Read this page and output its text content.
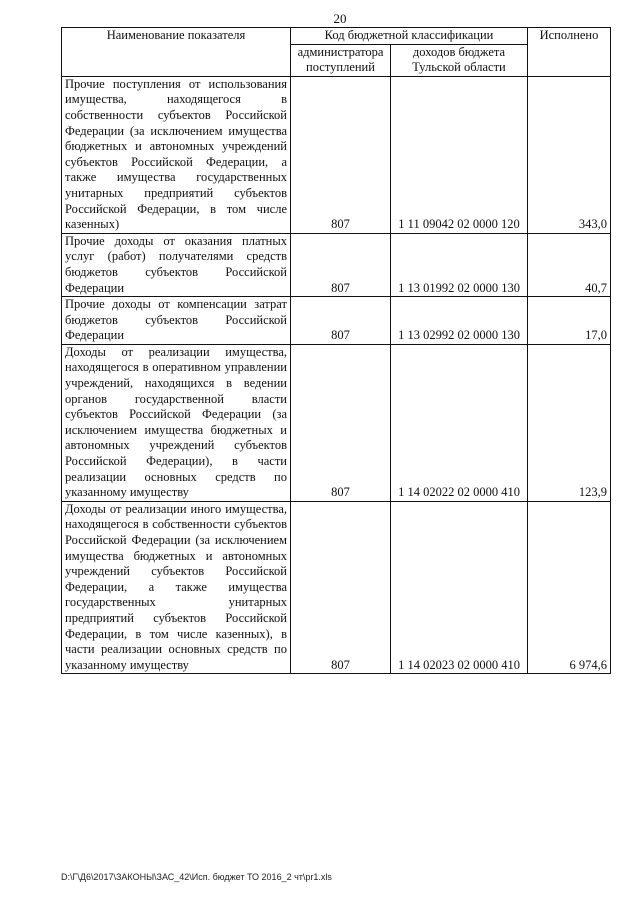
20
Наименование показателя	Код бюджетной классификации		Исполнено
	администратора поступлений	доходов бюджета Тульской области	
Прочие поступления от использования имущества, находящегося в собственности субъектов Российской Федерации (за исключением имущества бюджетных и автономных учреждений субъектов Российской Федерации, а также имущества государственных унитарных предприятий субъектов Российской Федерации, в том числе казенных)	807	1 11 09042 02 0000 120	343,0
Прочие доходы от оказания платных услуг (работ) получателями средств бюджетов субъектов Российской Федерации	807	1 13 01992 02 0000 130	40,7
Прочие доходы от компенсации затрат бюджетов субъектов Российской Федерации	807	1 13 02992 02 0000 130	17,0
Доходы от реализации имущества, находящегося в оперативном управлении учреждений, находящихся в ведении органов государственной власти субъектов Российской Федерации (за исключением имущества бюджетных и автономных учреждений субъектов Российской Федерации), в части реализации основных средств по указанному имуществу	807	1 14 02022 02 0000 410	123,9
Доходы от реализации иного имущества, находящегося в собственности субъектов Российской Федерации (за исключением имущества бюджетных и автономных учреждений субъектов Российской Федерации, а также имущества государственных унитарных предприятий субъектов Российской Федерации, в том числе казенных), в части реализации основных средств по указанному имуществу	807	1 14 02023 02 0000 410	6 974,6
D:\Г\Д6\2017\ЗАКОНЫ\ЗАС_42\Исп. бюджет ТО 2016_2 чт\pr1.xls
